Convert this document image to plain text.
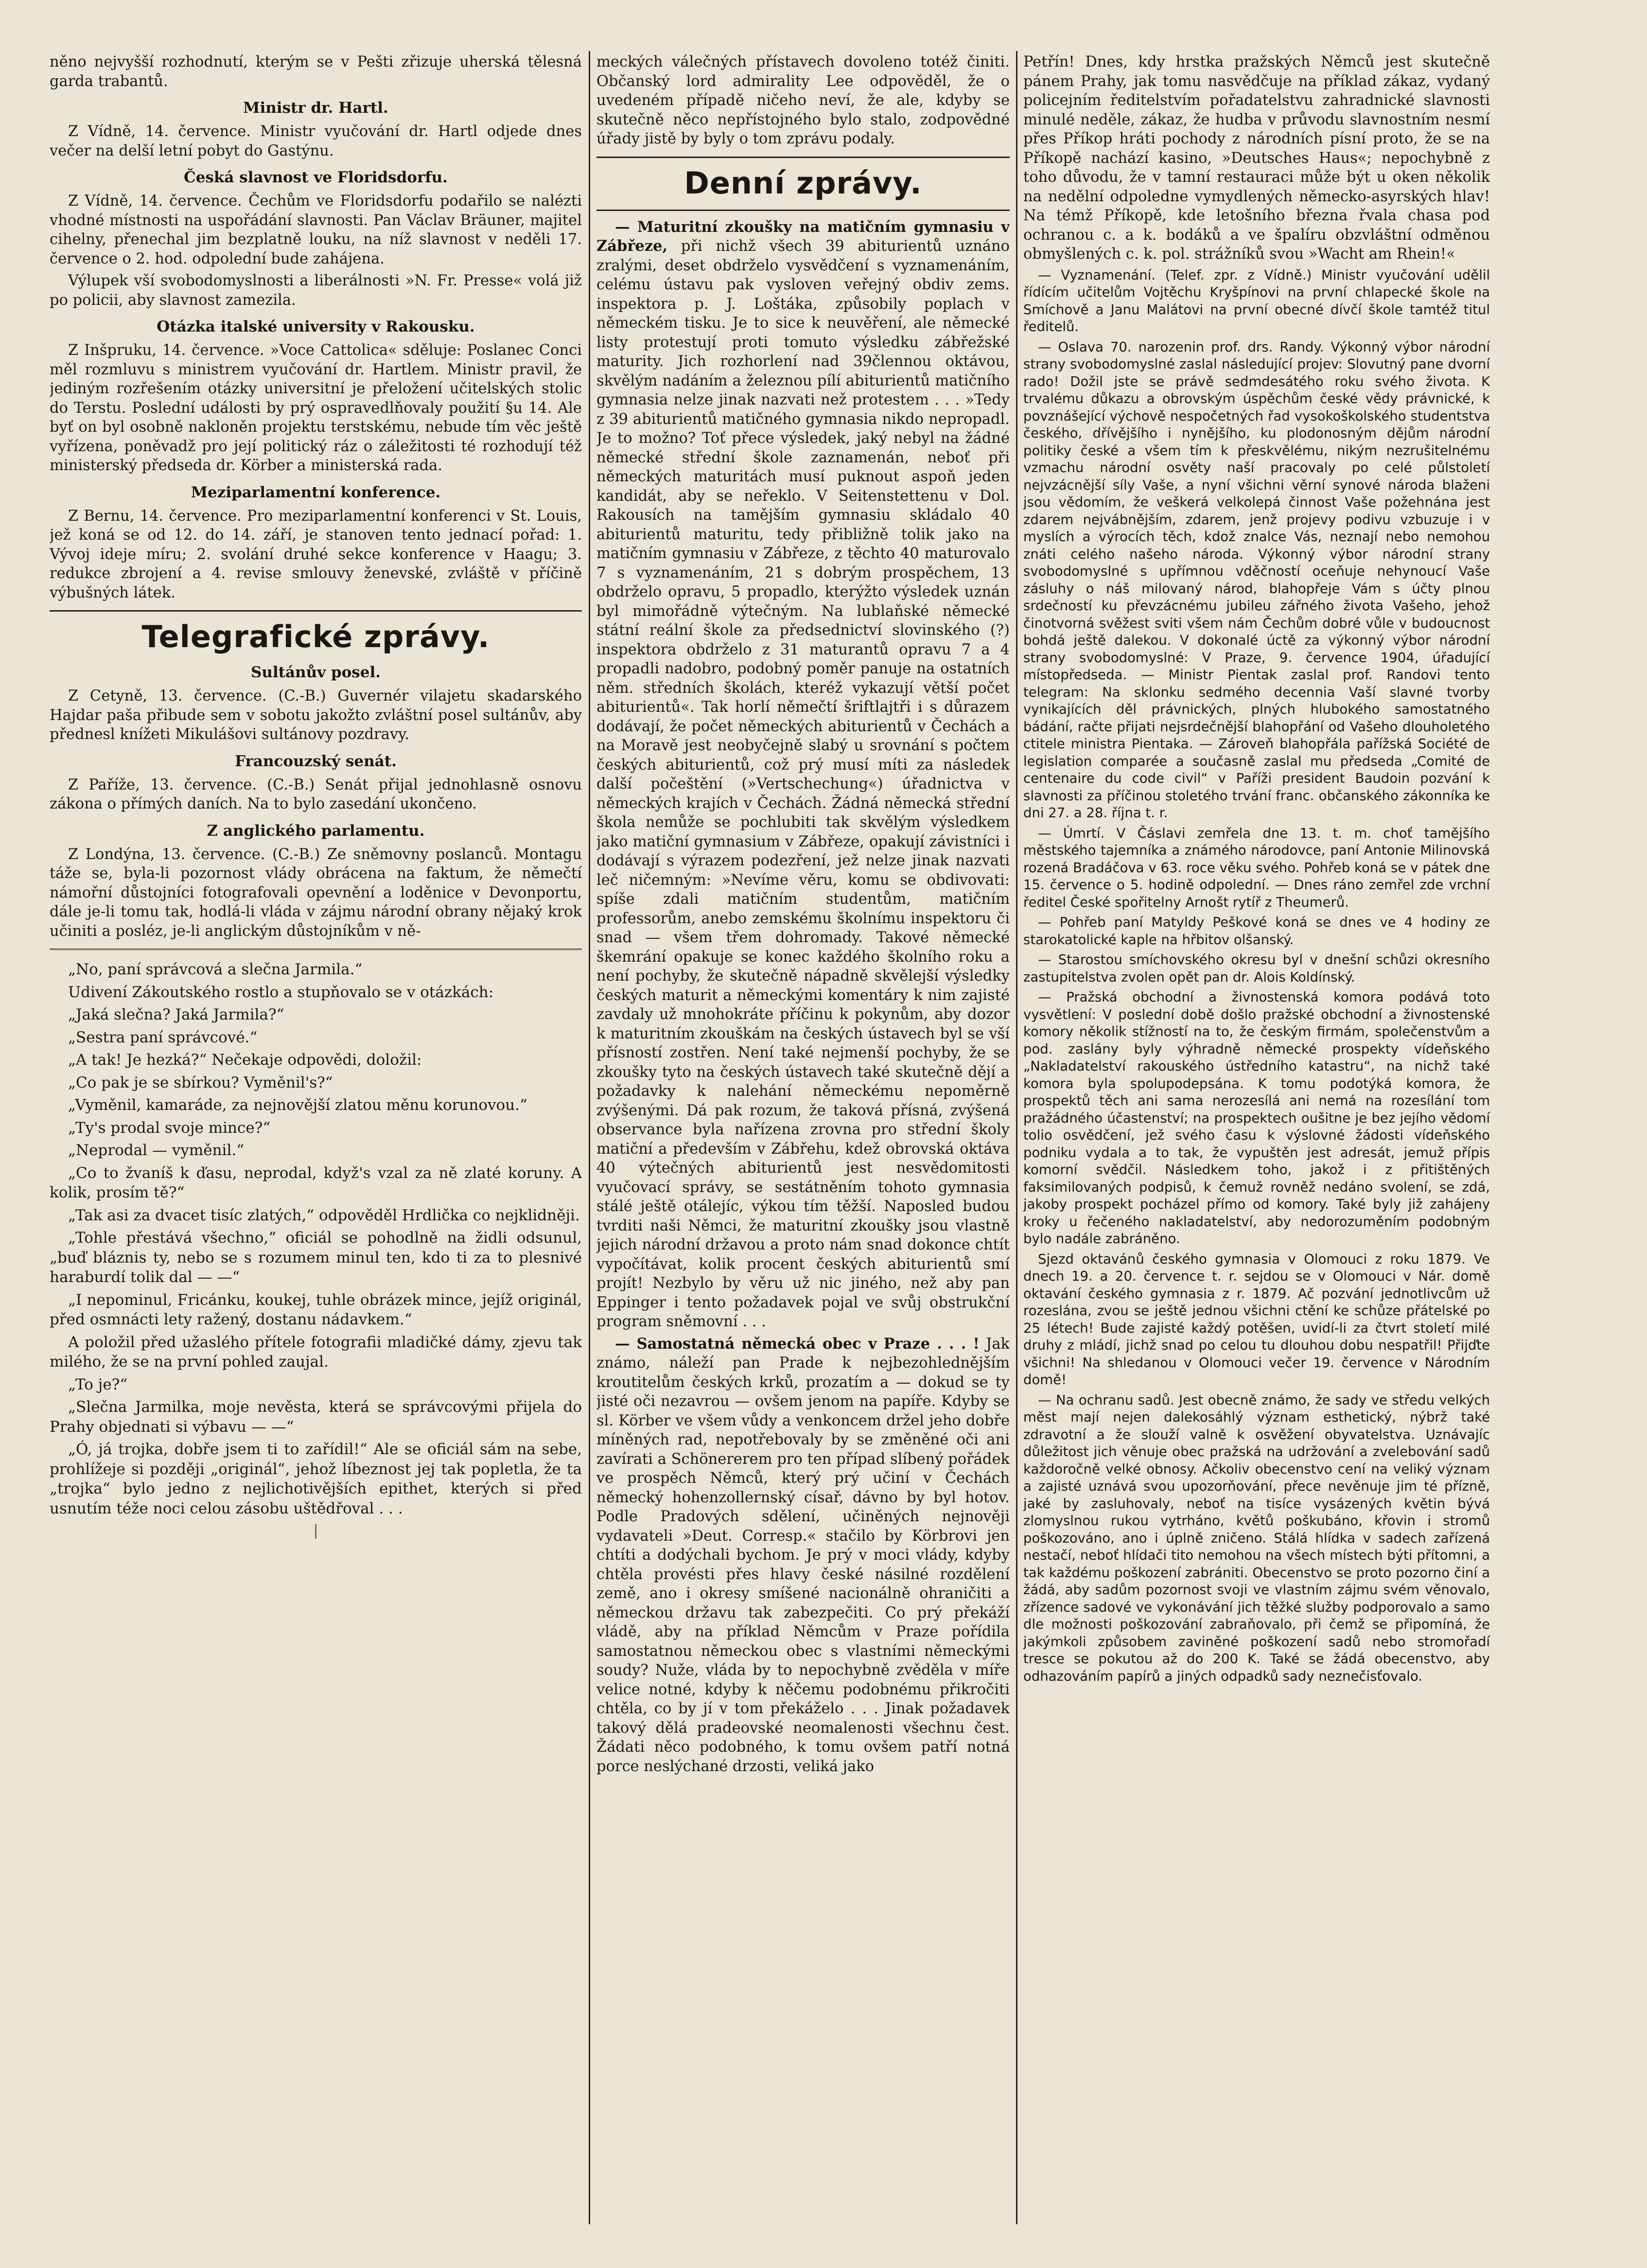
něno nejvyšší rozhodnutí, kterým se v Pešti zřizuje uherská tělesná garda trabantů.

Ministr dr. Hartl.

Z Vídně, 14. července. Ministr vyučování dr. Hartl odjede dnes večer na delší letní pobyt do Gastýnu.

Česká slavnost ve Floridsdorfu.

Z Vídně, 14. července. Čechům ve Floridsdorfu podařilo se nalézti vhodné místnosti na uspořádání slavnosti. Pan Václav Bräuner, majitel cihelny, přenechal jim bezplatně louku, na níž slavnost v neděli 17. července o 2. hod. odpolední bude zahájena.

Výlupek vší svobodomyslnosti a liberálnosti »N. Fr. Presse« volá již po policii, aby slavnost zamezila.

Otázka italské university v Rakousku.

Z Inšpruku, 14. července. »Voce Cattolica« sděluje: Poslanec Conci měl rozmluvu s ministrem vyučování dr. Hartlem. Ministr pravil, že jediným rozřešením otázky universitní je přeložení učitelských stolic do Terstu. Poslední události by prý ospravedlňovaly použití §u 14. Ale byť on byl osobně nakloněn projektu terstskému, nebude tím věc ještě vyřízena, poněvadž pro její politický ráz o záležitosti té rozhodují též ministerský předseda dr. Körber a ministerská rada.

Meziparlamentní konference.

Z Bernu, 14. července. Pro meziparlamentní konferenci v St. Louis, jež koná se od 12. do 14. září, je stanoven tento jednací pořad: 1. Vývoj ideje míru; 2. svolání druhé sekce konference v Haagu; 3. redukce zbrojení a 4. revise smlouvy ženevské, zvláště v příčině výbušných látek.

Telegrafické zprávy.
Sultánův posel.

Z Cetyně, 13. července. (C.-B.) Guvernér vilajetu skadarského Hajdar paša přibude sem v sobotu jakožto zvláštní posel sultánův, aby přednesl knížeti Mikulášovi sultánovy pozdravy.

Francouzský senát.

Z Paříže, 13. července. (C.-B.) Senát přijal jednohlasně osnovu zákona o přímých daních. Na to bylo zasedání ukončeno.

Z anglického parlamentu.

Z Londýna, 13. července. (C.-B.) Ze sněmovny poslanců. Montagu táže se, byla-li pozornost vlády obrácena na faktum, že němečtí námořní důstojníci fotografovali opevnění a loděnice v Devonportu, dále je-li tomu tak, hodlá-li vláda v zájmu národní obrany nějaký krok učiniti a posléz, je-li anglickým důstojníkům v ně-

„No, paní správcová a slečna Jarmila.“

Udivení Zákoutského rostlo a stupňovalo se v otázkách:

„Jaká slečna? Jaká Jarmila?“

„Sestra paní správcové.“

„A tak! Je hezká?“ Nečekaje odpovědi, doložil:

„Co pak je se sbírkou? Vyměnil's?“

„Vyměnil, kamaráde, za nejnovější zlatou měnu korunovou.“

„Ty's prodal svoje mince?“

„Neprodal — vyměnil.“

„Co to žvaníš k ďasu, neprodal, když's vzal za ně zlaté koruny. A kolik, prosím tě?“

„Tak asi za dvacet tisíc zlatých,“ odpověděl Hrdlička co nejklidněji.

„Tohle přestává všechno,“ oficiál se pohodlně na židli odsunul, „buď bláznis ty, nebo se s rozumem minul ten, kdo ti za to plesnivé haraburdí tolik dal — —“

„I nepominul, Fricánku, koukej, tuhle obrázek mince, jejíž originál, před osmnácti lety ražený, dostanu nádavkem.“

A položil před užaslého přítele fotografii mladičké dámy, zjevu tak milého, že se na první pohled zaujal.

„To je?“

„Slečna Jarmilka, moje nevěsta, která se správcovými přijela do Prahy objednati si výbavu — —“

„Ó, já trojka, dobře jsem ti to zařídil!“ Ale se oficiál sám na sebe, prohlížeje si později „originál“, jehož líbeznost jej tak popletla, že ta „trojka“ bylo jedno z nejlichotivějších epithet, kterých si před usnutím téže noci celou zásobu uštědřoval . . .

|

meckých válečných přístavech dovoleno totéž činiti. Občanský lord admirality Lee odpověděl, že o uvedeném případě ničeho neví, že ale, kdyby se skutečně něco nepřístojného bylo stalo, zodpovědné úřady jistě by byly o tom zprávu podaly.

Denní zprávy.

— Maturitní zkoušky na matičním gymnasiu v Zábřeze, při nichž všech 39 abiturientů uznáno zralými, deset obdrželo vysvědčení s vyznamenáním, celému ústavu pak vysloven veřejný obdiv zems. inspektora p. J. Loštáka, způsobily poplach v německém tisku. Je to sice k neuvěření, ale německé listy protestují proti tomuto výsledku zábřežské maturity. Jich rozhorlení nad 39člennou oktávou, skvělým nadáním a železnou pílí abiturientů matičního gymnasia nelze jinak nazvati než protestem . . . »Tedy z 39 abiturientů matičného gymnasia nikdo nepropadl. Je to možno? Toť přece výsledek, jaký nebyl na žádné německé střední škole zaznamenán, neboť při německých maturitách musí puknout aspoň jeden kandidát, aby se neřeklo. V Seitenstettenu v Dol. Rakousích na tamějším gymnasiu skládalo 40 abiturientů maturitu, tedy přibližně tolik jako na matičním gymnasiu v Zábřeze, z těchto 40 maturovalo 7 s vyznamenáním, 21 s dobrým prospěchem, 13 obdrželo opravu, 5 propadlo, kterýžto výsledek uznán byl mimořádně výtečným. Na lublaňské německé státní reální škole za předsednictví slovinského (?) inspektora obdrželo z 31 maturantů opravu 7 a 4 propadli nadobro, podobný poměr panuje na ostatních něm. středních školách, kteréž vykazují větší počet abiturientů«. Tak horlí němečtí šriftlajtři i s důrazem dodávají, že počet německých abiturientů v Čechách a na Moravě jest neobyčejně slabý u srovnání s počtem českých abiturientů, což prý musí míti za následek další počeštění (»Vertschechung«) úřadnictva v německých krajích v Čechách. Žádná německá střední škola nemůže se pochlubiti tak skvělým výsledkem jako matiční gymnasium v Zábřeze, opakují závistníci i dodávají s výrazem podezření, jež nelze jinak nazvati leč ničemným: »Nevíme věru, komu se obdivovati: spíše zdali matičním studentům, matičním professorům, anebo zemskému školnímu inspektoru či snad — všem třem dohromady. Takové německé škemrání opakuje se konec každého školního roku a není pochyby, že skutečně nápadně skvělejší výsledky českých maturit a německými komentáry k nim zajisté zavdaly už mnohokráte příčinu k pokynům, aby dozor k maturitním zkouškám na českých ústavech byl se vší přísností zostřen. Není také nejmenší pochyby, že se zkoušky tyto na českých ústavech také skutečně dějí a požadavky k nalehání německému nepoměrně zvýšenými. Dá pak rozum, že taková přísná, zvýšená observance byla nařízena zrovna pro střední školy matiční a především v Zábřehu, kdež obrovská oktáva 40 výtečných abiturientů jest nesvědomitosti vyučovací správy, se sestátněním tohoto gymnasia stálé ještě otálejíc, výkou tím těžší. Naposled budou tvrditi naši Němci, že maturitní zkoušky jsou vlastně jejich národní državou a proto nám snad dokonce chtít vypočítávat, kolik procent českých abiturientů smí projít! Nezbylo by věru už nic jiného, než aby pan Eppinger i tento požadavek pojal ve svůj obstrukční program sněmovní . . .

— Samostatná německá obec v Praze . . . ! Jak známo, náleží pan Prade k nejbezohlednějším kroutitelům českých krků, prozatím a — dokud se ty jisté oči nezavrou — ovšem jenom na papíře. Kdyby se sl. Körber ve všem vůdy a venkoncem držel jeho dobře míněných rad, nepotřebovaly by se změněné oči ani zavírati a Schönererem pro ten případ slíbený pořádek ve prospěch Němců, který prý učiní v Čechách německý hohenzollernský císař, dávno by byl hotov. Podle Pradových sdělení, učiněných nejnověji vydavateli »Deut. Corresp.« stačilo by Körbrovi jen chtíti a dodýchali bychom. Je prý v moci vlády, kdyby chtěla provésti přes hlavy české násilné rozdělení země, ano i okresy smíšené nacionálně ohraničiti a německou državu tak zabezpečiti. Co prý překáží vládě, aby na příklad Němcům v Praze pořídila samostatnou německou obec s vlastními německými soudy? Nuže, vláda by to nepochybně zvěděla v míře velice notné, kdyby k něčemu podobnému přikročiti chtěla, co by jí v tom překáželo . . . Jinak požadavek takový dělá pradeovské neomalenosti všechnu čest. Žádati něco podobného, k tomu ovšem patří notná porce neslýchané drzosti, veliká jako

Petřín! Dnes, kdy hrstka pražských Němců jest skutečně pánem Prahy, jak tomu nasvědčuje na příklad zákaz, vydaný policejním ředitelstvím pořadatelstvu zahradnické slavnosti minulé neděle, zákaz, že hudba v průvodu slavnostním nesmí přes Příkop hráti pochody z národních písní proto, že se na Příkopě nachází kasino, »Deutsches Haus«; nepochybně z toho důvodu, že v tamní restauraci může být u oken několik na nedělní odpoledne vymydlených německo-asyrských hlav! Na témž Příkopě, kde letošního března řvala chasa pod ochranou c. a k. bodáků a ve špalíru obzvláštní odměnou obmyšlených c. k. pol. strážníků svou »Wacht am Rhein!«

— Vyznamenání. (Telef. zpr. z Vídně.) Ministr vyučování udělil řídícím učitelům Vojtěchu Kryšpínovi na první chlapecké škole na Smíchově a Janu Malátovi na první obecné dívčí škole tamtéž titul ředitelů.

— Oslava 70. narozenin prof. drs. Randy. Výkonný výbor národní strany svobodomyslné zaslal následující projev: Slovutný pane dvorní rado! Dožil jste se právě sedmdesátého roku svého života. K trvalému důkazu a obrovským úspěchům české vědy právnické, k povznášející výchově nespočetných řad vysokoškolského studentstva českého, dřívějšího i nynějšího, ku plodonosným dějům národní politiky české a všem tím k přeskvělému, nikým nezrušitelnému vzmachu národní osvěty naší pracovaly po celé půlstoletí nejvzácnější síly Vaše, a nyní všichni věrní synové národa blaženi jsou vědomím, že veškerá velkolepá činnost Vaše požehnána jest zdarem nejvábnějším, zdarem, jenž projevy podivu vzbuzuje i v myslích a výrocích těch, kdož znalce Vás, neznají nebo nemohou znáti celého našeho národa. Výkonný výbor národní strany svobodomyslné s upřímnou vděčností oceňuje nehynoucí Vaše zásluhy o náš milovaný národ, blahopřeje Vám s účty plnou srdečností ku převzácnému jubileu zářného života Vašeho, jehož činotvorná svěžest sviti všem nám Čechům dobré vůle v budoucnost bohdá ještě dalekou. V dokonalé úctě za výkonný výbor národní strany svobodomyslné: V Praze, 9. července 1904, úřadující místopředseda. — Ministr Pientak zaslal prof. Randovi tento telegram: Na sklonku sedmého decennia Vaší slavné tvorby vynikajících děl právnických, plných hlubokého samostatného bádání, račte přijati nejsrdečnější blahopřání od Vašeho dlouholetého ctitele ministra Pientaka. — Zároveň blahopřála pařížská Société de legislation comparée a současně zaslal mu předseda „Comité de centenaire du code civil“ v Paříži president Baudoin pozvání k slavnosti za příčinou stoletého trvání franc. občanského zákonníka ke dni 27. a 28. října t. r.

— Úmrtí. V Čáslavi zemřela dne 13. t. m. choť tamějšího městského tajemníka a známého národovce, paní Antonie Milinovská rozená Bradáčova v 63. roce věku svého. Pohřeb koná se v pátek dne 15. července o 5. hodině odpolední. — Dnes ráno zemřel zde vrchní ředitel České spořitelny Arnošt rytíř z Theumerů.

— Pohřeb paní Matyldy Peškové koná se dnes ve 4 hodiny ze starokatolické kaple na hřbitov olšanský.

— Starostou smíchovského okresu byl v dnešní schůzi okresního zastupitelstva zvolen opět pan dr. Alois Koldínský.

— Pražská obchodní a živnostenská komora podává toto vysvětlení: V poslední době došlo pražské obchodní a živnostenské komory několik stížností na to, že českým firmám, společenstvům a pod. zaslány byly výhradně německé prospekty vídeňského „Nakladatelství rakouského ústředního katastru“, na nichž také komora byla spolupodepsána. K tomu podotýká komora, že prospektů těch ani sama nerozesílá ani nemá na rozesílání tom pražádného účastenství; na prospektech oušitne je bez jejího vědomí tolio osvědčení, jež svého času k výslovné žádosti vídeňského podniku vydala a to tak, že vypuštěn jest adresát, jemuž přípis komorní svědčil. Následkem toho, jakož i z přitištěných faksimilovaných podpisů, k čemuž rovněž nedáno svolení, se zdá, jakoby prospekt pocházel přímo od komory. Také byly již zahájeny kroky u řečeného nakladatelství, aby nedorozuměním podobným bylo nadále zabráněno.

Sjezd oktavánů českého gymnasia v Olomouci z roku 1879. Ve dnech 19. a 20. července t. r. sejdou se v Olomouci v Nár. domě oktavání českého gymnasia z r. 1879. Ač pozvání jednotlivcům už rozeslána, zvou se ještě jednou všichni ctění ke schůze přátelské po 25 létech! Bude zajisté každý potěšen, uvidí-li za čtvrt století milé druhy z mládí, jichž snad po celou tu dlouhou dobu nespatřil! Přijďte všichni! Na shledanou v Olomouci večer 19. července v Národním domě!

— Na ochranu sadů. Jest obecně známo, že sady ve středu velkých měst mají nejen dalekosáhlý význam esthetický, nýbrž také zdravotní a že slouží valně k osvěžení obyvatelstva. Uznávajíc důležitost jich věnuje obec pražská na udržování a zvelebování sadů každoročně velké obnosy. Ačkoliv obecenstvo cení na veliký význam a zajisté uznává svou upozorňování, přece nevěnuje jim té přízně, jaké by zasluhovaly, neboť na tisíce vysázených květin bývá zlomyslnou rukou vytrháno, květů poškubáno, křovin i stromů poškozováno, ano i úplně zničeno. Stálá hlídka v sadech zařízená nestačí, neboť hlídači tito nemohou na všech místech býti přítomni, a tak každému poškození zabrániti. Obecenstvo se proto pozorno činí a žádá, aby sadům pozornost svoji ve vlastním zájmu svém věnovalo, zřízence sadové ve vykonávání jich těžké služby podporovalo a samo dle možnosti poškozování zabraňovalo, při čemž se připomíná, že jakýmkoli způsobem zaviněné poškození sadů nebo stromořadí tresce se pokutou až do 200 K. Také se žádá obecenstvo, aby odhazováním papírů a jiných odpadků sady neznečisťovalo.
